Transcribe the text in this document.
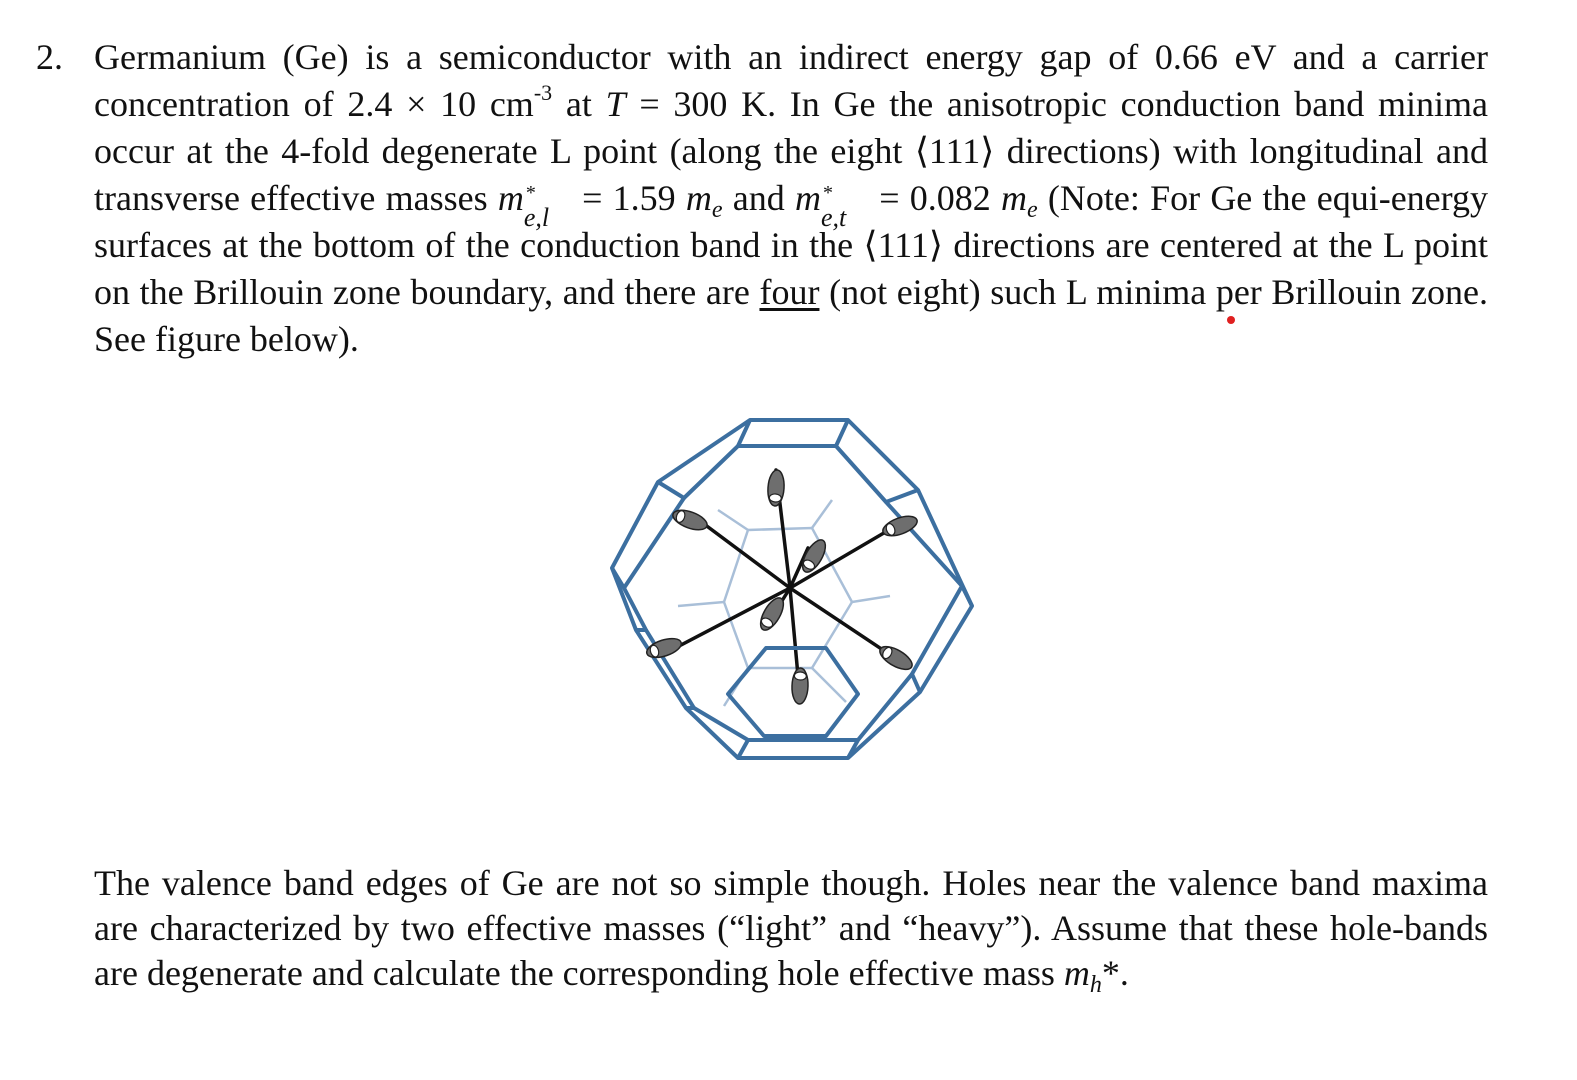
2. Germanium (Ge) is a semiconductor with an indirect energy gap of 0.66 eV and a carrier concentration of 2.4 × 10 $cm^{-3}$ at T = 300 K. In Ge the anisotropic conduction band minima occur at the 4-fold degenerate L point (along the eight ⟨111⟩ directions) with longitudinal and transverse effective masses m *
e,l = 1.59 $m_e$ and m *
e,t = 0.082 $m_e$ (Note: For Ge the equi-energy surfaces at the bottom of the conduction band in the ⟨111⟩ directions are centered at the L point on the Brillouin zone boundary, and there are four (not eight) such L minima per Brillouin zone. See figure below).
The valence band edges of Ge are not so simple though. Holes near the valence band maxima are characterized by two effective masses (“light” and “heavy”). Assume that these hole-bands are degenerate and calculate the corresponding hole effective mass $m_h*$.
